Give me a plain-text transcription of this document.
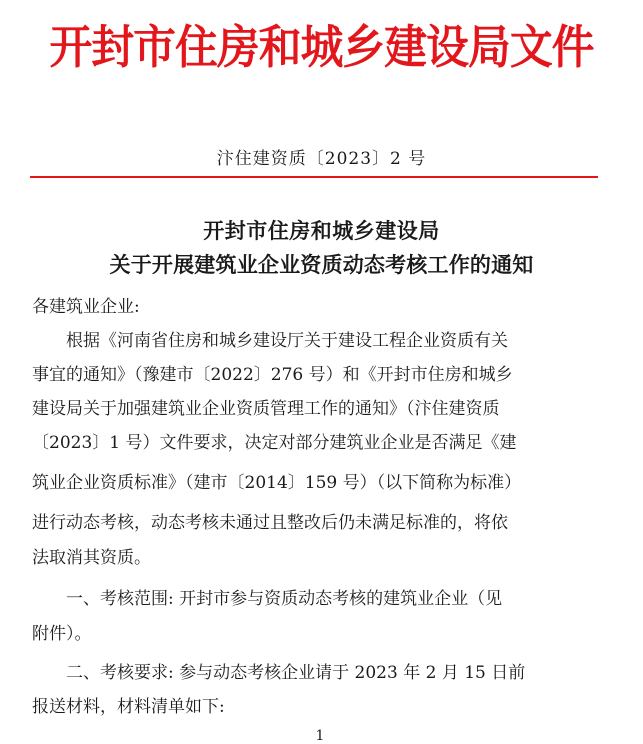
开封市住房和城乡建设局文件
汴住建资质〔2023〕2 号
开封市住房和城乡建设局
关于开展建筑业企业资质动态考核工作的通知
各建筑业企业:
　　根据《河南省住房和城乡建设厅关于建设工程企业资质有关
事宜的通知》（豫建市〔2022〕276 号）和《开封市住房和城乡
建设局关于加强建筑业企业资质管理工作的通知》（汴住建资质
〔2023〕1 号）文件要求，决定对部分建筑业企业是否满足《建
筑业企业资质标准》（建市〔2014〕159 号）（以下简称为标准）
进行动态考核，动态考核未通过且整改后仍未满足标准的，将依
法取消其资质。
　　一、考核范围: 开封市参与资质动态考核的建筑业企业（见
附件）。
　　二、考核要求: 参与动态考核企业请于 2023 年 2 月 15 日前
报送材料，材料清单如下:
1
